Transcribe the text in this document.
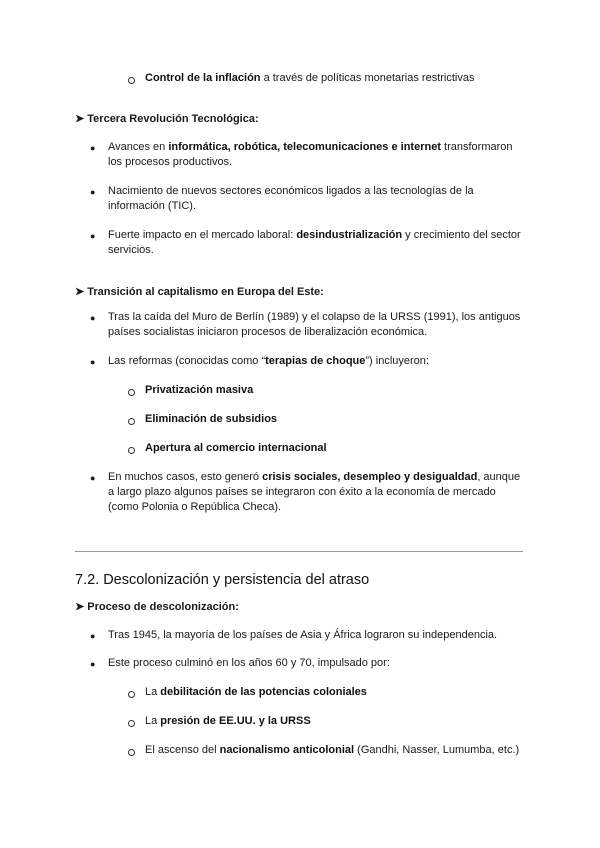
Control de la inflación a través de políticas monetarias restrictivas
➤ Tercera Revolución Tecnológica:
● Avances en informática, robótica, telecomunicaciones e internet transformaron
los procesos productivos.
● Nacimiento de nuevos sectores económicos ligados a las tecnologías de la
información (TIC).
● Fuerte impacto en el mercado laboral: desindustrialización y crecimiento del sector
servicios.
➤ Transición al capitalismo en Europa del Este:
● Tras la caída del Muro de Berlín (1989) y el colapso de la URSS (1991), los antiguos
países socialistas iniciaron procesos de liberalización económica.
● Las reformas (conocidas como “terapias de choque”) incluyeron:
Privatización masiva
Eliminación de subsidios
Apertura al comercio internacional
● En muchos casos, esto generó crisis sociales, desempleo y desigualdad, aunque
a largo plazo algunos países se integraron con éxito a la economía de mercado
(como Polonia o República Checa).
7.2. Descolonización y persistencia del atraso
➤ Proceso de descolonización:
● Tras 1945, la mayoría de los países de Asia y África lograron su independencia.
● Este proceso culminó en los años 60 y 70, impulsado por:
La debilitación de las potencias coloniales
La presión de EE.UU. y la URSS
El ascenso del nacionalismo anticolonial (Gandhi, Nasser, Lumumba, etc.)
